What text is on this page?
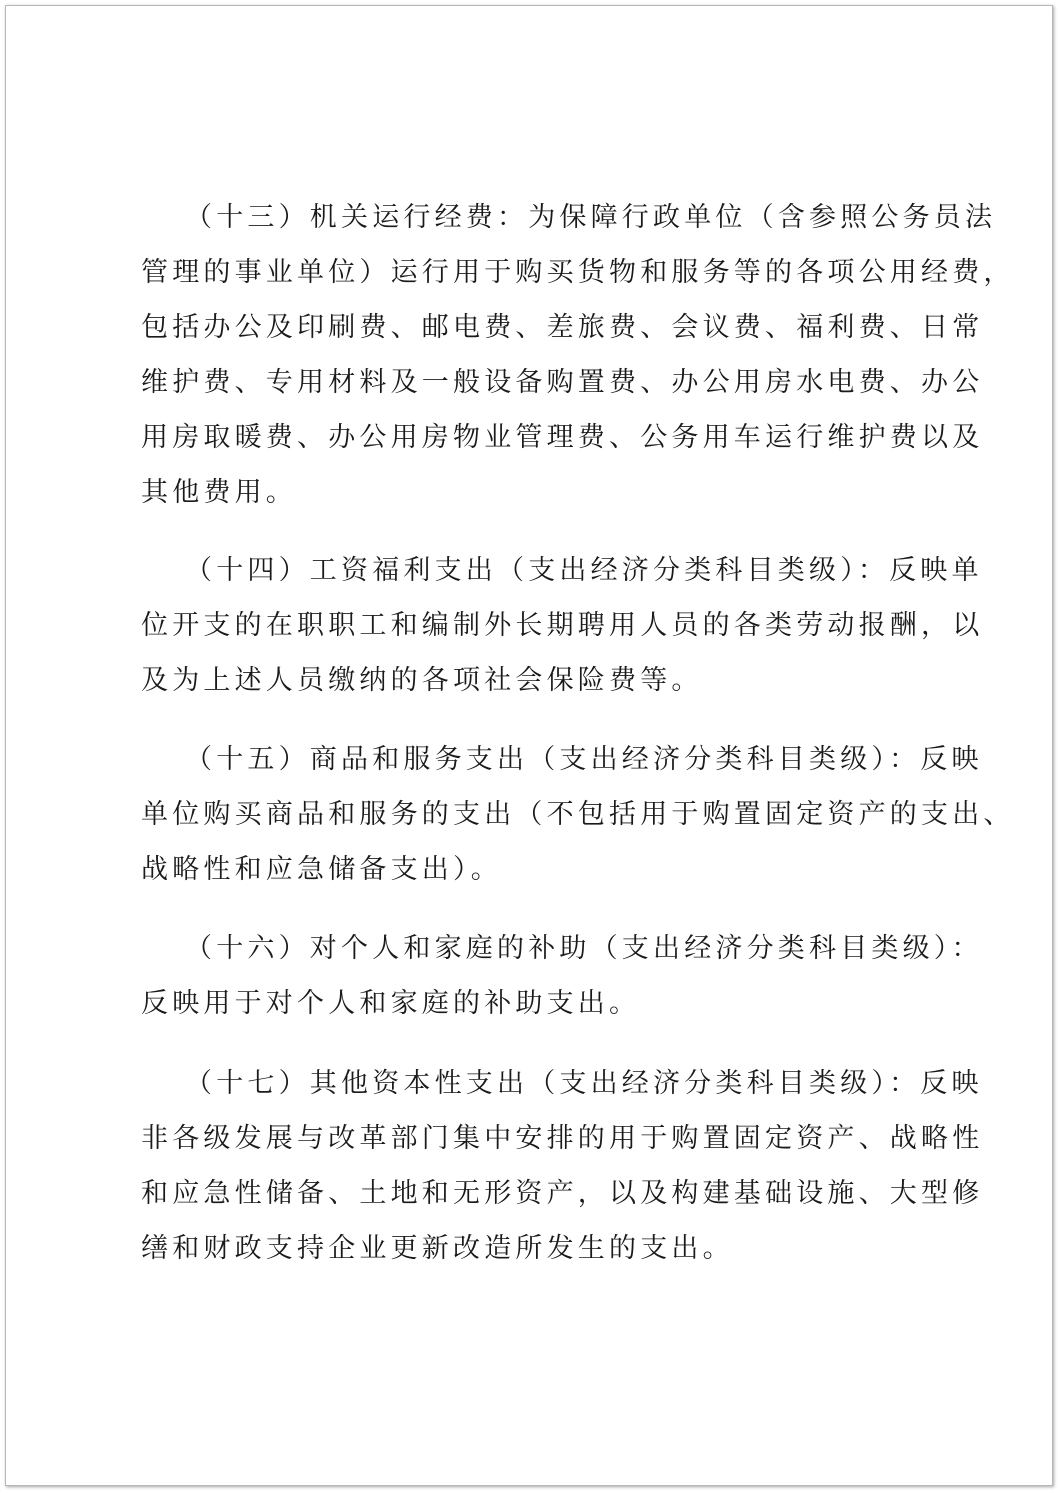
（十三）机关运行经费：为保障行政单位（含参照公务员法
管理的事业单位）运行用于购买货物和服务等的各项公用经费，
包括办公及印刷费、邮电费、差旅费、会议费、福利费、日常
维护费、专用材料及一般设备购置费、办公用房水电费、办公
用房取暖费、办公用房物业管理费、公务用车运行维护费以及
其他费用。
（十四）工资福利支出（支出经济分类科目类级）：反映单
位开支的在职职工和编制外长期聘用人员的各类劳动报酬，以
及为上述人员缴纳的各项社会保险费等。
（十五）商品和服务支出（支出经济分类科目类级）：反映
单位购买商品和服务的支出（不包括用于购置固定资产的支出、
战略性和应急储备支出）。
（十六）对个人和家庭的补助（支出经济分类科目类级）：
反映用于对个人和家庭的补助支出。
（十七）其他资本性支出（支出经济分类科目类级）：反映
非各级发展与改革部门集中安排的用于购置固定资产、战略性
和应急性储备、土地和无形资产，以及构建基础设施、大型修
缮和财政支持企业更新改造所发生的支出。
